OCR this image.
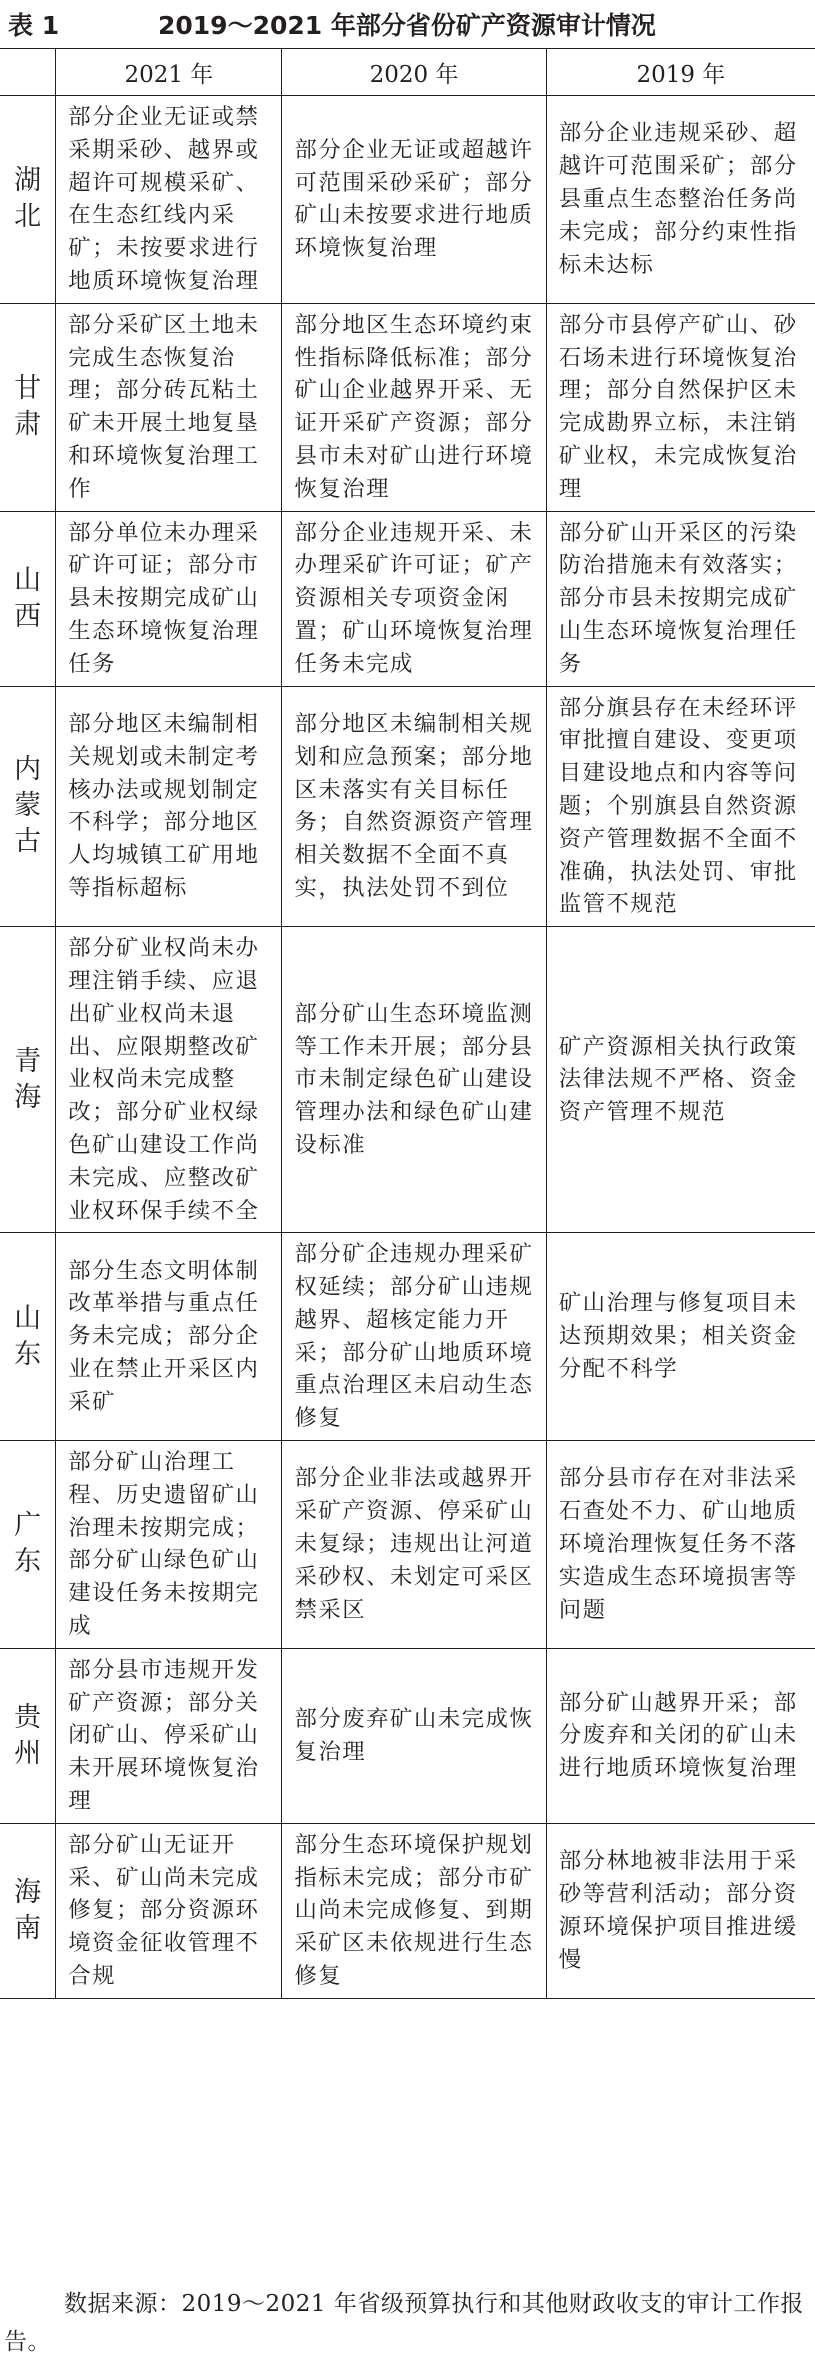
表 1	2019～2021 年部分省份矿产资源审计情况
	2021 年	2020 年	2019 年
湖北	部分企业无证或禁采期采砂、越界或超许可规模采矿、在生态红线内采矿；未按要求进行地质环境恢复治理	部分企业无证或超越许可范围采砂采矿；部分矿山未按要求进行地质环境恢复治理	部分企业违规采砂、超越许可范围采矿；部分县重点生态整治任务尚未完成；部分约束性指标未达标
甘肃	部分采矿区土地未完成生态恢复治理；部分砖瓦粘土矿未开展土地复垦和环境恢复治理工作	部分地区生态环境约束性指标降低标准；部分矿山企业越界开采、无证开采矿产资源；部分县市未对矿山进行环境恢复治理	部分市县停产矿山、砂石场未进行环境恢复治理；部分自然保护区未完成勘界立标，未注销矿业权，未完成恢复治理
山西	部分单位未办理采矿许可证；部分市县未按期完成矿山生态环境恢复治理任务	部分企业违规开采、未办理采矿许可证；矿产资源相关专项资金闲置；矿山环境恢复治理任务未完成	部分矿山开采区的污染防治措施未有效落实；部分市县未按期完成矿山生态环境恢复治理任务
内蒙古	部分地区未编制相关规划或未制定考核办法或规划制定不科学；部分地区人均城镇工矿用地等指标超标	部分地区未编制相关规划和应急预案；部分地区未落实有关目标任务；自然资源资产管理相关数据不全面不真实，执法处罚不到位	部分旗县存在未经环评审批擅自建设、变更项目建设地点和内容等问题；个别旗县自然资源资产管理数据不全面不准确，执法处罚、审批监管不规范
青海	部分矿业权尚未办理注销手续、应退出矿业权尚未退出、应限期整改矿业权尚未完成整改；部分矿业权绿色矿山建设工作尚未完成、应整改矿业权环保手续不全	部分矿山生态环境监测等工作未开展；部分县市未制定绿色矿山建设管理办法和绿色矿山建设标准	矿产资源相关执行政策法律法规不严格、资金资产管理不规范
山东	部分生态文明体制改革举措与重点任务未完成；部分企业在禁止开采区内采矿	部分矿企违规办理采矿权延续；部分矿山违规越界、超核定能力开采；部分矿山地质环境重点治理区未启动生态修复	矿山治理与修复项目未达预期效果；相关资金分配不科学
广东	部分矿山治理工程、历史遗留矿山治理未按期完成；部分矿山绿色矿山建设任务未按期完成	部分企业非法或越界开采矿产资源、停采矿山未复绿；违规出让河道采砂权、未划定可采区禁采区	部分县市存在对非法采石查处不力、矿山地质环境治理恢复任务不落实造成生态环境损害等问题
贵州	部分县市违规开发矿产资源；部分关闭矿山、停采矿山未开展环境恢复治理	部分废弃矿山未完成恢复治理	部分矿山越界开采；部分废弃和关闭的矿山未进行地质环境恢复治理
海南	部分矿山无证开采、矿山尚未完成修复；部分资源环境资金征收管理不合规	部分生态环境保护规划指标未完成；部分市矿山尚未完成修复、到期采矿区未依规进行生态修复	部分林地被非法用于采砂等营利活动；部分资源环境保护项目推进缓慢
数据来源：2019～2021 年省级预算执行和其他财政收支的审计工作报告。
